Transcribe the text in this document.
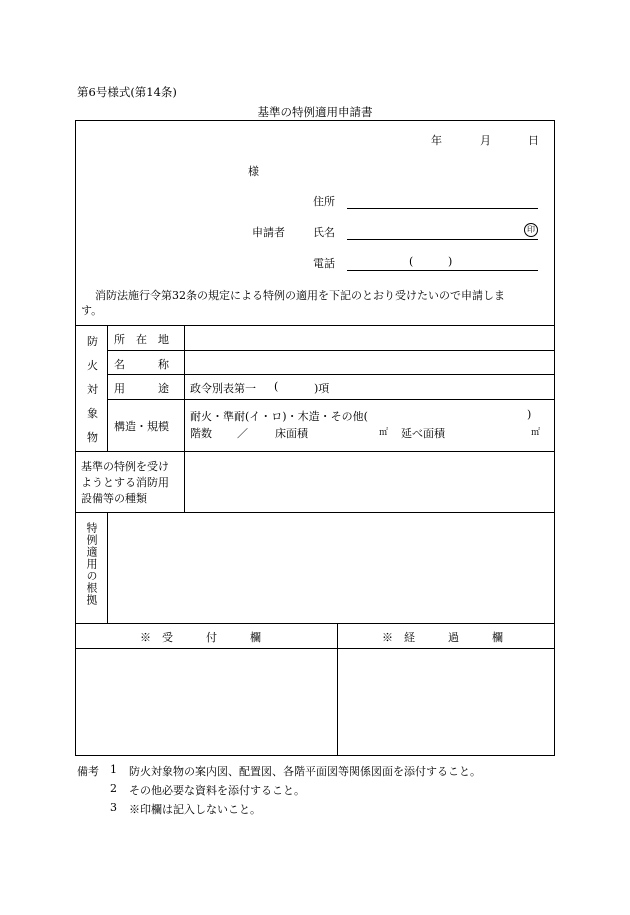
第6号様式(第14条)
基準の特例適用申請書
年	月	日
様
住所
申請者	氏名	印
電話	(	)
消防法施行令第32条の規定による特例の適用を下記のとおり受けたいので申請しま
す。
防
火
対
象
物
所　在　地
名　　　称
用　　　途 政令別表第一 (	)項
構造・規模
耐火・準耐(イ・ロ)・木造・その他(	)
階数 ／ 床面積	㎡ 延べ面積	㎡
基準の特例を受け
ようとする消防用
設備等の種類
特例適用の根拠
※　受　　　付　　　欄	※　経　　　過　　　欄
備考 1 防火対象物の案内図、配置図、各階平面図等関係図面を添付すること。
2 その他必要な資料を添付すること。
3 ※印欄は記入しないこと。
